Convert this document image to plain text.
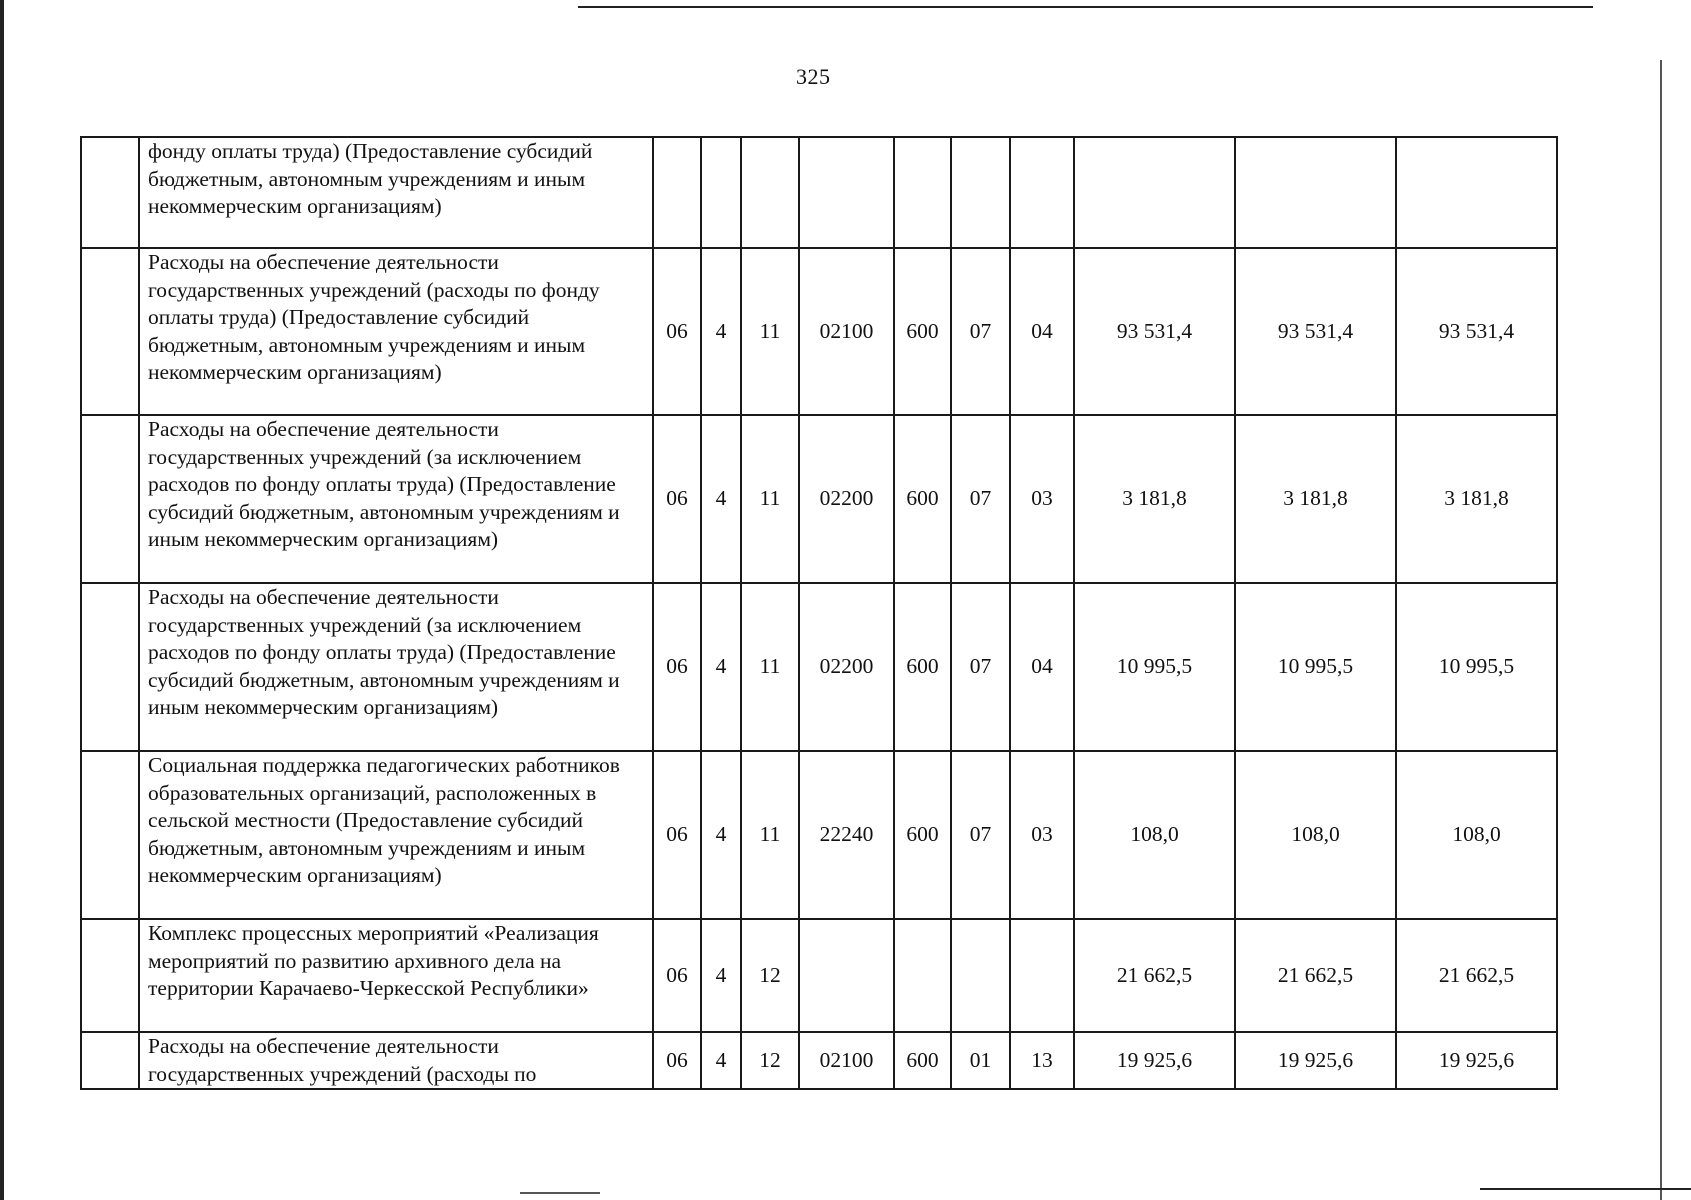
325
	фонду оплаты труда) (Предоставление субсидий бюджетным, автономным учреждениям и иным некоммерческим организациям)										
	Расходы на обеспечение деятельности государственных учреждений (расходы по фонду оплаты труда) (Предоставление субсидий бюджетным, автономным учреждениям и иным некоммерческим организациям)	06	4	11	02100	600	07	04	93 531,4	93 531,4	93 531,4
	Расходы на обеспечение деятельности государственных учреждений (за исключением расходов по фонду оплаты труда) (Предоставление субсидий бюджетным, автономным учреждениям и иным некоммерческим организациям)	06	4	11	02200	600	07	03	3 181,8	3 181,8	3 181,8
	Расходы на обеспечение деятельности государственных учреждений (за исключением расходов по фонду оплаты труда) (Предоставление субсидий бюджетным, автономным учреждениям и иным некоммерческим организациям)	06	4	11	02200	600	07	04	10 995,5	10 995,5	10 995,5
	Социальная поддержка педагогических работников образовательных организаций, расположенных в сельской местности (Предоставление субсидий бюджетным, автономным учреждениям и иным некоммерческим организациям)	06	4	11	22240	600	07	03	108,0	108,0	108,0
	Комплекс процессных мероприятий «Реализация мероприятий по развитию архивного дела на территории Карачаево-Черкесской Республики»	06	4	12					21 662,5	21 662,5	21 662,5
	Расходы на обеспечение деятельности государственных учреждений (расходы по	06	4	12	02100	600	01	13	19 925,6	19 925,6	19 925,6
